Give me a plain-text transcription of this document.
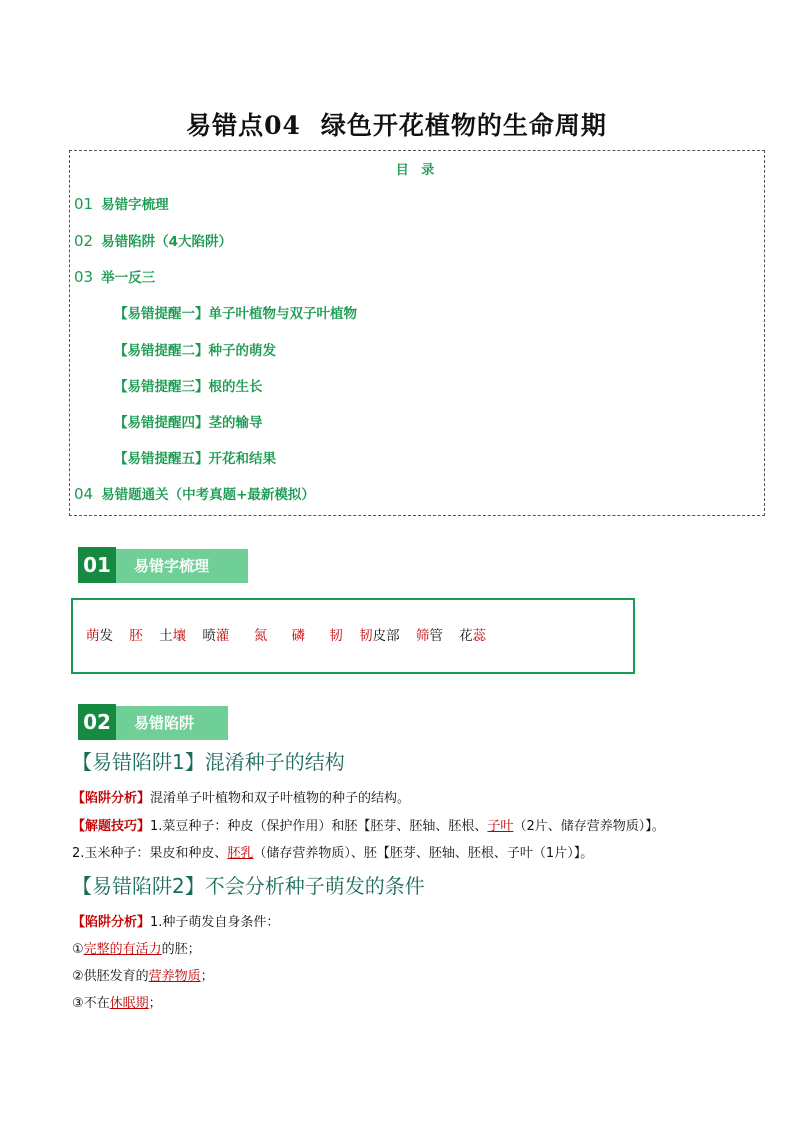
易错点04 绿色开花植物的生命周期
目 录
01 易错字梳理
02 易错陷阱（4大陷阱）
03 举一反三
【易错提醒一】单子叶植物与双子叶植物
【易错提醒二】种子的萌发
【易错提醒三】根的生长
【易错提醒四】茎的输导
【易错提醒五】开花和结果
04 易错题通关（中考真题+最新模拟）
01	易错字梳理
萌发 胚 土壤 喷灌 氮 磷 韧 韧皮部 筛管 花蕊
02	易错陷阱
【易错陷阱1】混淆种子的结构
【陷阱分析】混淆单子叶植物和双子叶植物的种子的结构。
【解题技巧】1.菜豆种子：种皮（保护作用）和胚【胚芽、胚轴、胚根、子叶（2片、储存营养物质）】。
2.玉米种子：果皮和种皮、胚乳（储存营养物质）、胚【胚芽、胚轴、胚根、子叶（1片）】。
【易错陷阱2】不会分析种子萌发的条件
【陷阱分析】1.种子萌发自身条件：
①完整的有活力的胚；
②供胚发育的营养物质；
③不在休眠期；
